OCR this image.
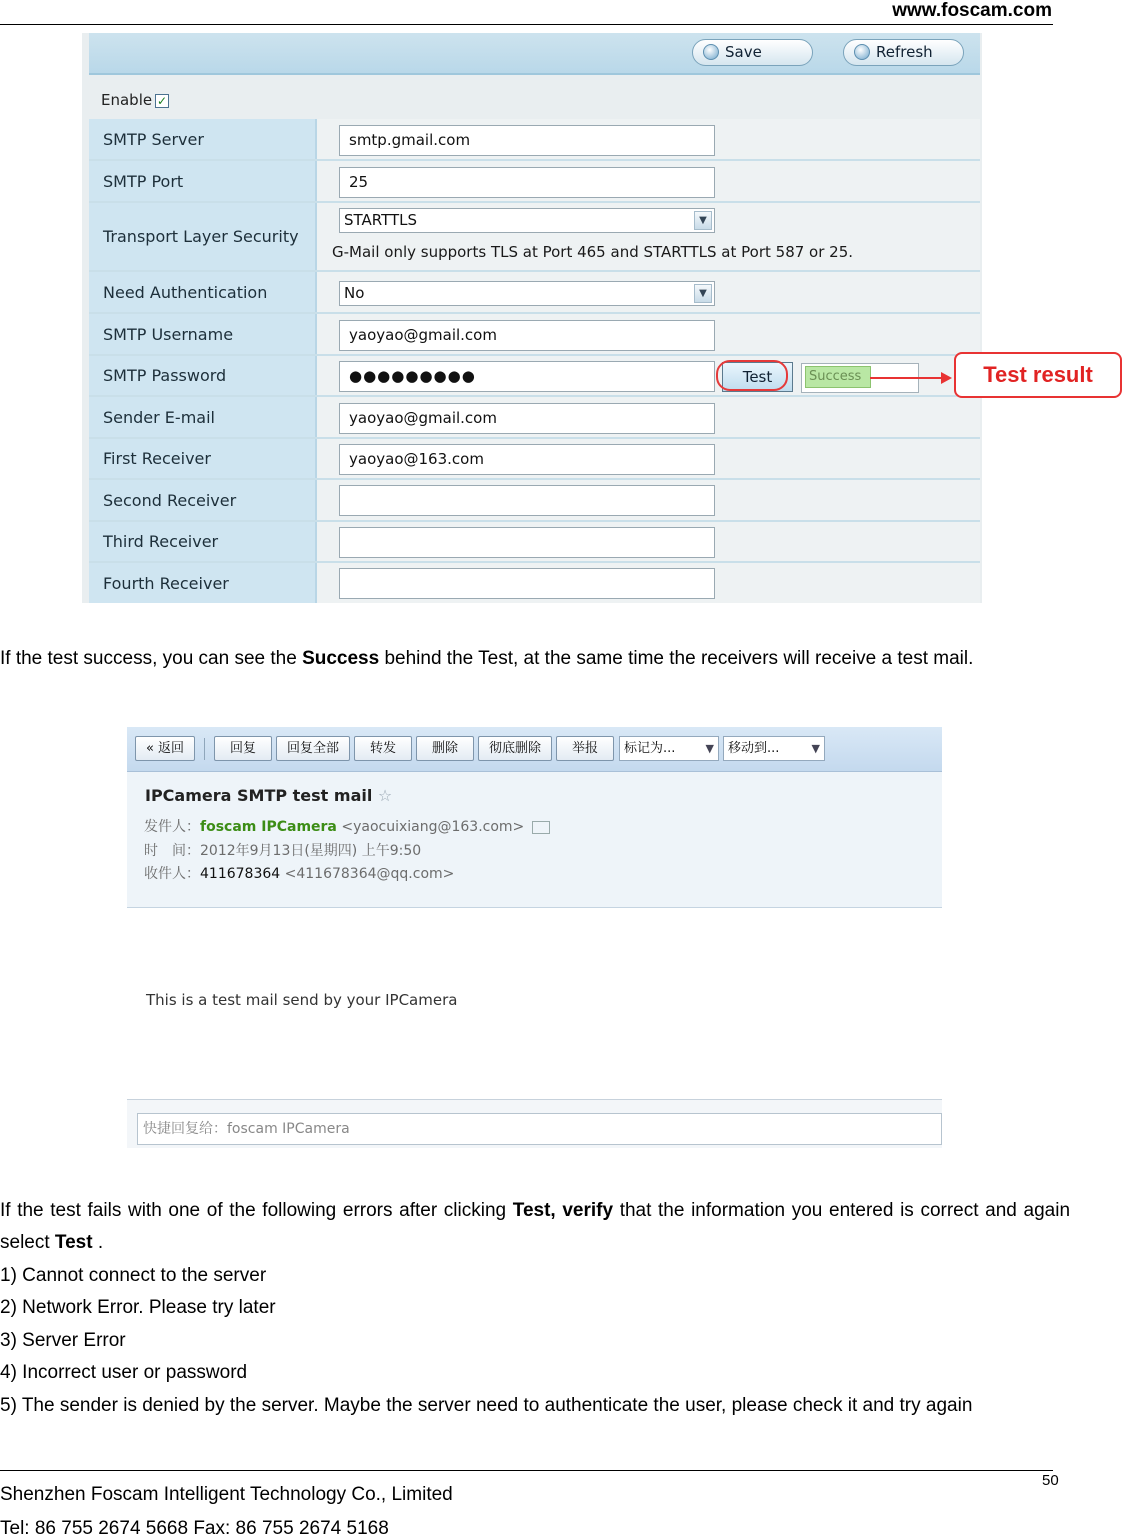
www.foscam.com
Save	Refresh
Enable ✓
SMTP Server	smtp.gmail.com
SMTP Port	25
Transport Layer Security
STARTTLS	▼
G-Mail only supports TLS at Port 465 and STARTTLS at Port 587 or 25.
Need Authentication	No	▼
SMTP Username	yaoyao@gmail.com
SMTP Password	●●●●●●●●●	Test	Success
Sender E-mail	yaoyao@gmail.com
First Receiver	yaoyao@163.com
Second Receiver
Third Receiver
Fourth Receiver
Test result
If the test success, you can see the Success behind the Test, at the same time the receivers will receive a test mail.
« 返回	回复	回复全部	转发	删除	彻底删除	举报	标记为...	▼	移动到...	▼
IPCamera SMTP test mail ☆
发件人：foscam IPCamera <yaocuixiang@163.com>
时　间：2012年9月13日(星期四) 上午9:50
收件人：411678364 <411678364@qq.com>
This is a test mail send by your IPCamera
快捷回复给：foscam IPCamera
If the test fails with one of the following errors after clicking Test, verify that the information you entered is correct and again select Test .
1) Cannot connect to the server
2) Network Error. Please try later
3) Server Error
4) Incorrect user or password
5) The sender is denied by the server. Maybe the server need to authenticate the user, please check it and try again
50
Shenzhen Foscam Intelligent Technology Co., Limited
Tel: 86 755 2674 5668 Fax: 86 755 2674 5168
